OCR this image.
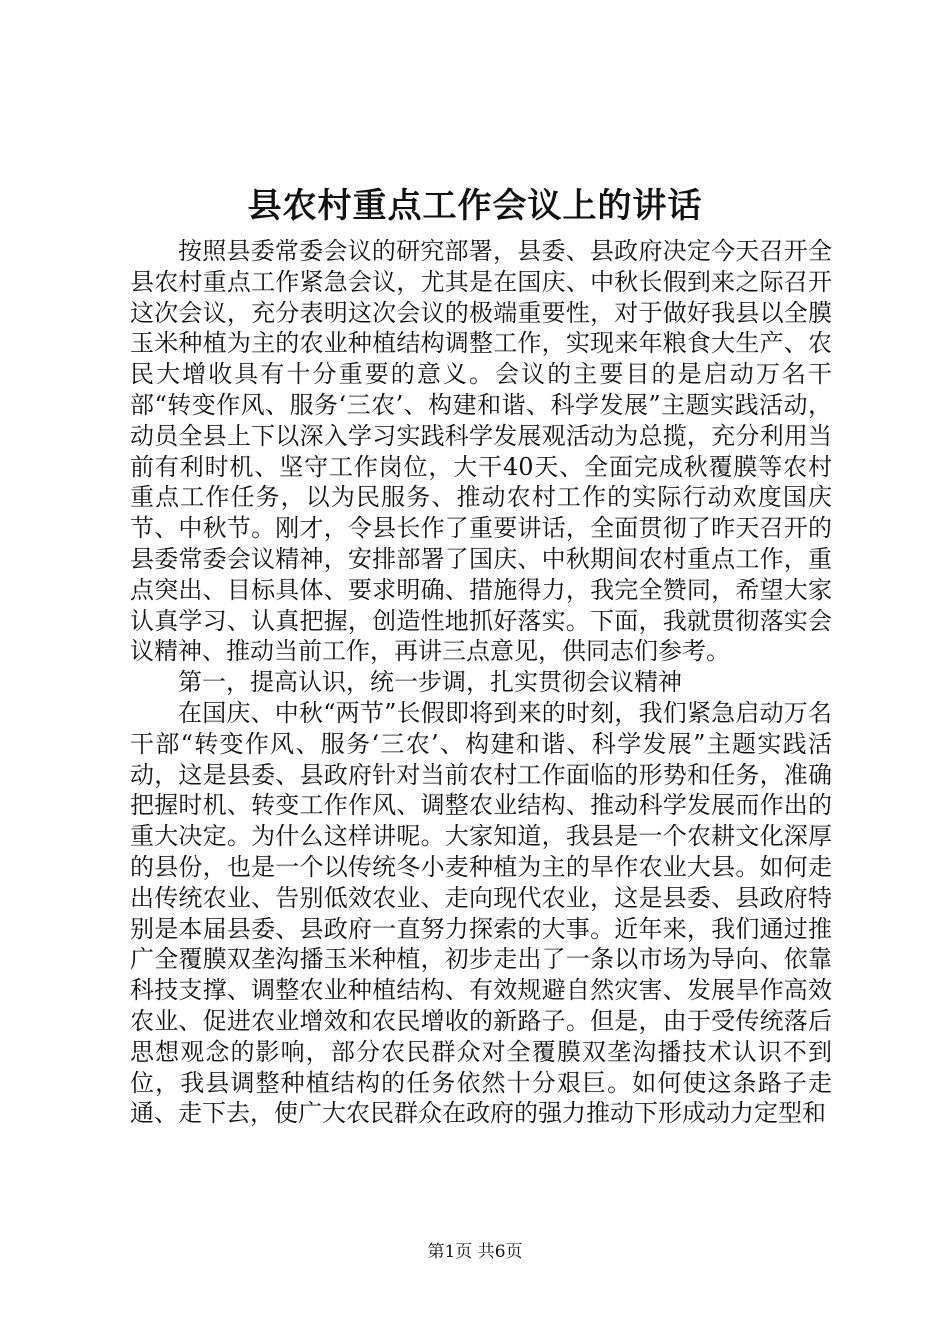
县农村重点工作会议上的讲话

按照县委常委会议的研究部署，县委、县政府决定今天召开全县农村重点工作紧急会议，尤其是在国庆、中秋长假到来之际召开这次会议，充分表明这次会议的极端重要性，对于做好我县以全膜玉米种植为主的农业种植结构调整工作，实现来年粮食大生产、农民大增收具有十分重要的意义。会议的主要目的是启动万名干部“转变作风、服务‘三农’、构建和谐、科学发展”主题实践活动，动员全县上下以深入学习实践科学发展观活动为总揽，充分利用当前有利时机、坚守工作岗位，大干40天、全面完成秋覆膜等农村重点工作任务，以为民服务、推动农村工作的实际行动欢度国庆节、中秋节。刚才，令县长作了重要讲话，全面贯彻了昨天召开的县委常委会议精神，安排部署了国庆、中秋期间农村重点工作，重点突出、目标具体、要求明确、措施得力，我完全赞同，希望大家认真学习、认真把握，创造性地抓好落实。下面，我就贯彻落实会议精神、推动当前工作，再讲三点意见，供同志们参考。

第一，提高认识，统一步调，扎实贯彻会议精神

在国庆、中秋“两节”长假即将到来的时刻，我们紧急启动万名干部“转变作风、服务‘三农’、构建和谐、科学发展”主题实践活动，这是县委、县政府针对当前农村工作面临的形势和任务，准确把握时机、转变工作作风、调整农业结构、推动科学发展而作出的重大决定。为什么这样讲呢。大家知道，我县是一个农耕文化深厚的县份，也是一个以传统冬小麦种植为主的旱作农业大县。如何走出传统农业、告别低效农业、走向现代农业，这是县委、县政府特别是本届县委、县政府一直努力探索的大事。近年来，我们通过推广全覆膜双垄沟播玉米种植，初步走出了一条以市场为导向、依靠科技支撑、调整农业种植结构、有效规避自然灾害、发展旱作高效农业、促进农业增效和农民增收的新路子。但是，由于受传统落后思想观念的影响，部分农民群众对全覆膜双垄沟播技术认识不到位，我县调整种植结构的任务依然十分艰巨。如何使这条路子走通、走下去，使广大农民群众在政府的强力推动下形成动力定型和

第1页 共6页
